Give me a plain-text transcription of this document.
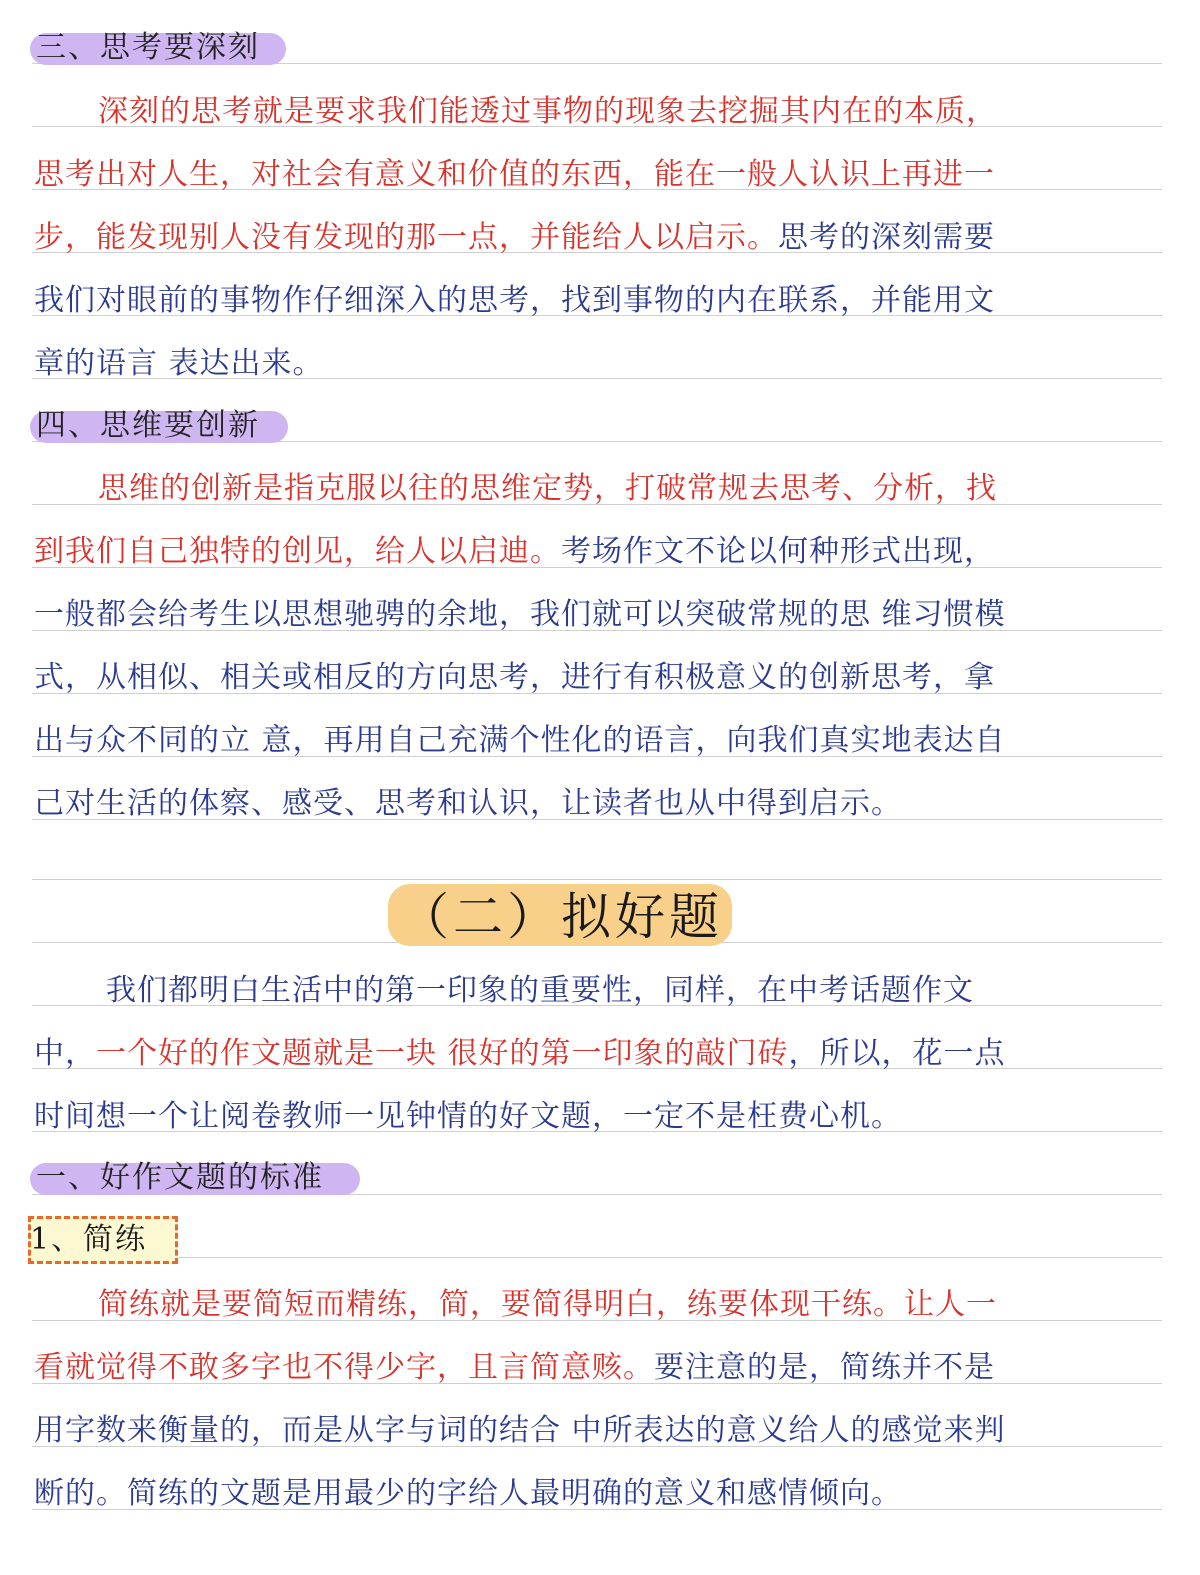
三、思考要深刻
深刻的思考就是要求我们能透过事物的现象去挖掘其内在的本质，
思考出对人生，对社会有意义和价值的东西，能在一般人认识上再进一
步，能发现别人没有发现的那一点，并能给人以启示。思考的深刻需要
我们对眼前的事物作仔细深入的思考，找到事物的内在联系，并能用文
章的语言 表达出来。
四、思维要创新
思维的创新是指克服以往的思维定势，打破常规去思考、分析，找
到我们自己独特的创见，给人以启迪。考场作文不论以何种形式出现，
一般都会给考生以思想驰骋的余地，我们就可以突破常规的思 维习惯模
式，从相似、相关或相反的方向思考，进行有积极意义的创新思考，拿
出与众不同的立 意，再用自己充满个性化的语言，向我们真实地表达自
己对生活的体察、感受、思考和认识，让读者也从中得到启示。
（二）拟好题
我们都明白生活中的第一印象的重要性，同样，在中考话题作文
中，一个好的作文题就是一块 很好的第一印象的敲门砖，所以，花一点
时间想一个让阅卷教师一见钟情的好文题，一定不是枉费心机。
一、好作文题的标准
1、简练
简练就是要简短而精练，简，要简得明白，练要体现干练。让人一
看就觉得不敢多字也不得少字，且言简意赅。要注意的是，简练并不是
用字数来衡量的，而是从字与词的结合 中所表达的意义给人的感觉来判
断的。简练的文题是用最少的字给人最明确的意义和感情倾向。
